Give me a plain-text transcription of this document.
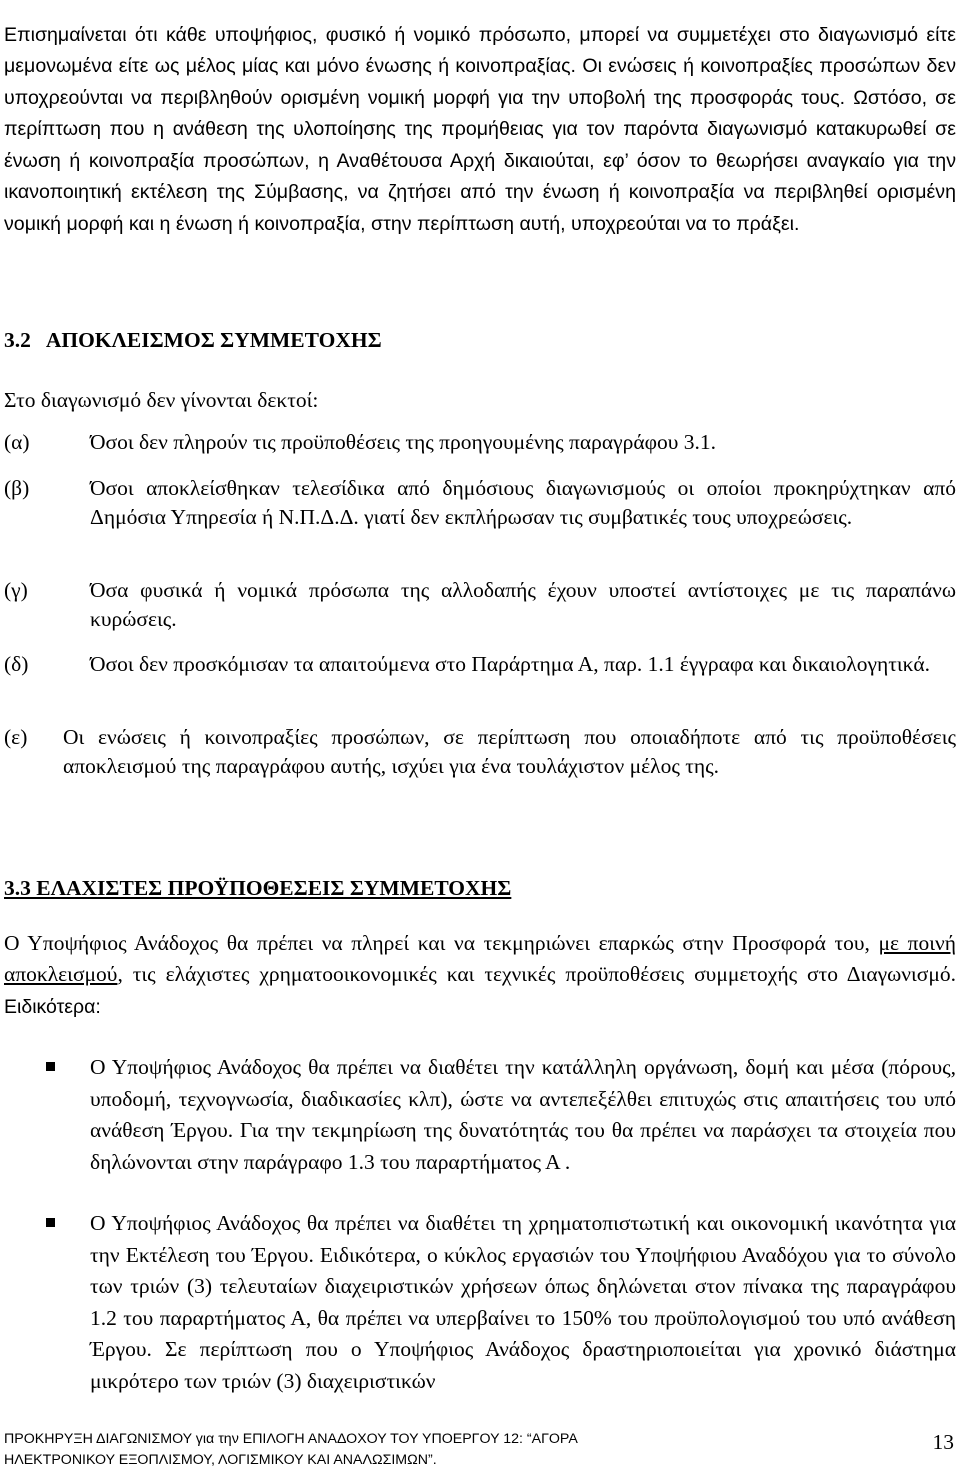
Επισημαίνεται ότι κάθε υποψήφιος, φυσικό ή νομικό πρόσωπο, μπορεί να συμμετέχει στο διαγωνισμό είτε μεμονωμένα είτε ως μέλος μίας και μόνο ένωσης ή κοινοπραξίας. Οι ενώσεις ή κοινοπραξίες προσώπων δεν υποχρεούνται να περιβληθούν ορισμένη νομική μορφή για την υποβολή της προσφοράς τους. Ωστόσο, σε περίπτωση που η ανάθεση της υλοποίησης της προμήθειας για τον παρόντα διαγωνισμό κατακυρωθεί σε ένωση ή κοινοπραξία προσώπων, η Αναθέτουσα Αρχή δικαιούται, εφ’ όσον το θεωρήσει αναγκαίο για την ικανοποιητική εκτέλεση της Σύμβασης, να ζητήσει από την ένωση ή κοινοπραξία να περιβληθεί ορισμένη νομική μορφή και η ένωση ή κοινοπραξία, στην περίπτωση αυτή, υποχρεούται να το πράξει.

3.2   ΑΠΟΚΛΕΙΣΜΟΣ ΣΥΜΜΕΤΟΧΗΣ
Στο διαγωνισμό δεν γίνονται δεκτοί:
(α)	Όσοι δεν πληρούν τις προϋποθέσεις της προηγουμένης παραγράφου 3.1.
(β)	Όσοι αποκλείσθηκαν τελεσίδικα από δημόσιους διαγωνισμούς οι οποίοι προκηρύχτηκαν από Δημόσια Υπηρεσία ή Ν.Π.Δ.Δ. γιατί δεν εκπλήρωσαν τις συμβατικές τους υποχρεώσεις.
(γ)	Όσα φυσικά ή νομικά πρόσωπα της αλλοδαπής έχουν υποστεί αντίστοιχες με τις παραπάνω κυρώσεις.
(δ)	Όσοι δεν προσκόμισαν τα απαιτούμενα στο Παράρτημα Α, παρ. 1.1 έγγραφα και δικαιολογητικά.
(ε) Οι ενώσεις ή κοινοπραξίες προσώπων, σε περίπτωση που οποιαδήποτε από τις προϋποθέσεις αποκλεισμού της παραγράφου αυτής, ισχύει για ένα τουλάχιστον μέλος της.
3.3 ΕΛΑΧΙΣΤΕΣ ΠΡΟΫΠΟΘΕΣΕΙΣ ΣΥΜΜΕΤΟΧΗΣ

Ο Υποψήφιος Ανάδοχος θα πρέπει να πληρεί και να τεκμηριώνει επαρκώς στην Προσφορά του, με ποινή αποκλεισμού, τις ελάχιστες χρηματοοικονομικές και τεχνικές προϋποθέσεις συμμετοχής στο Διαγωνισμό. Ειδικότερα:

Ο Υποψήφιος Ανάδοχος θα πρέπει να διαθέτει την κατάλληλη οργάνωση, δομή και μέσα (πόρους, υποδομή, τεχνογνωσία, διαδικασίες κλπ), ώστε να αντεπεξέλθει επιτυχώς στις απαιτήσεις του υπό ανάθεση Έργου. Για την τεκμηρίωση της δυνατότητάς του θα πρέπει να παράσχει τα στοιχεία που δηλώνονται στην παράγραφο 1.3 του παραρτήματος Α .
Ο Υποψήφιος Ανάδοχος θα πρέπει να διαθέτει τη χρηματοπιστωτική και οικονομική ικανότητα για την Εκτέλεση του Έργου. Ειδικότερα, ο κύκλος εργασιών του Υποψήφιου Αναδόχου για το σύνολο των τριών (3) τελευταίων διαχειριστικών χρήσεων όπως δηλώνεται στον πίνακα της παραγράφου 1.2 του παραρτήματος Α, θα πρέπει να υπερβαίνει το 150% του προϋπολογισμού του υπό ανάθεση Έργου. Σε περίπτωση που ο Υποψήφιος Ανάδοχος δραστηριοποιείται για χρονικό διάστημα μικρότερο των τριών (3) διαχειριστικών
ΠΡΟΚΗΡΥΞΗ ΔΙΑΓΩΝΙΣΜΟΥ για την ΕΠΙΛΟΓΗ ΑΝΑΔΟΧΟΥ ΤΟΥ ΥΠΟΕΡΓΟΥ 12: “ΑΓΟΡΑ
ΗΛΕΚΤΡΟΝΙΚΟΥ ΕΞΟΠΛΙΣΜΟΥ, ΛΟΓΙΣΜΙΚΟΥ ΚΑΙ ΑΝΑΛΩΣΙΜΩΝ”.
13
